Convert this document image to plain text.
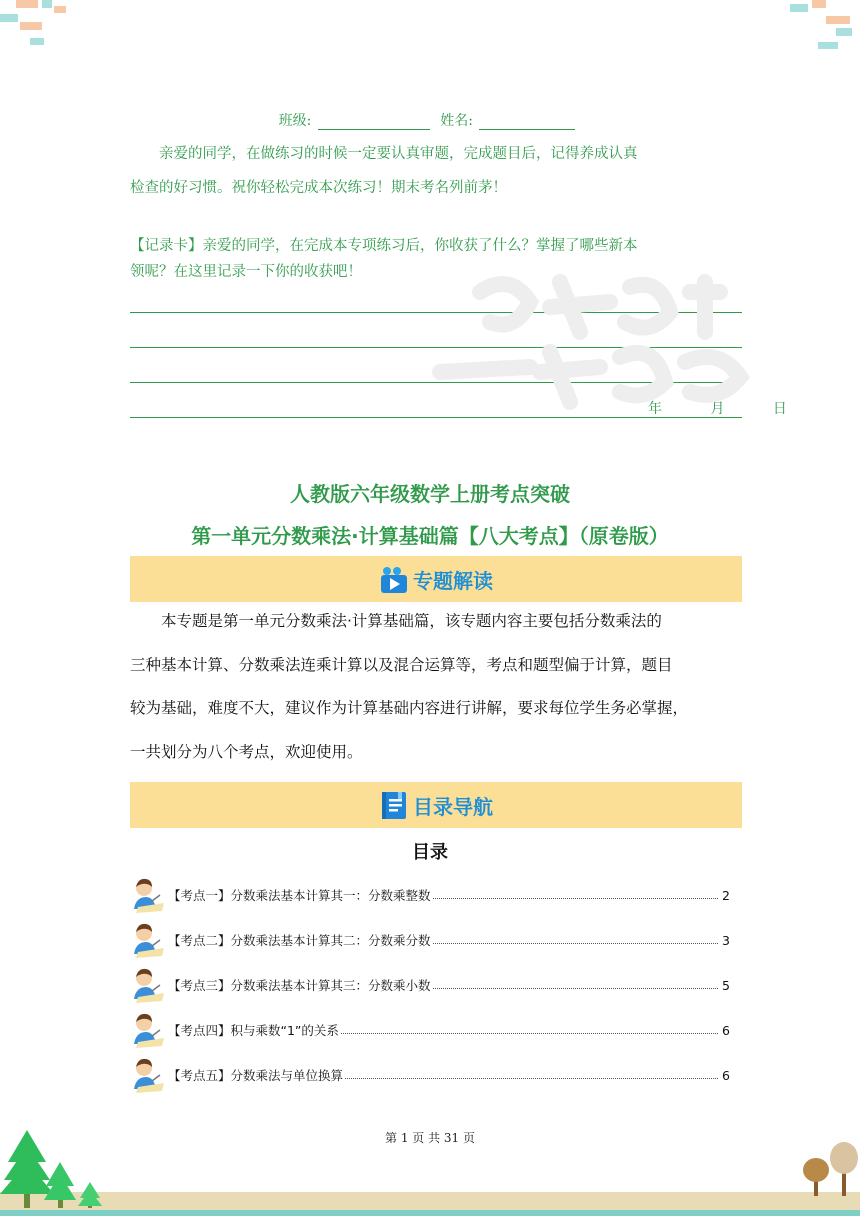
班级:	姓名:
亲爱的同学，在做练习的时候一定要认真审题，完成题目后，记得养成认真
检查的好习惯。祝你轻松完成本次练习！期末考名列前茅！
【记录卡】亲爱的同学，在完成本专项练习后，你收获了什么？掌握了哪些新本
领呢？在这里记录一下你的收获吧！
年 月 日
人教版六年级数学上册考点突破
第一单元分数乘法·计算基础篇【八大考点】（原卷版）
专题解读
本专题是第一单元分数乘法·计算基础篇，该专题内容主要包括分数乘法的
三种基本计算、分数乘法连乘计算以及混合运算等，考点和题型偏于计算，题目
较为基础，难度不大，建议作为计算基础内容进行讲解，要求每位学生务必掌握，
一共划分为八个考点，欢迎使用。
目录导航
目录
【考点一】分数乘法基本计算其一：分数乘整数	2
【考点二】分数乘法基本计算其二：分数乘分数	3
【考点三】分数乘法基本计算其三：分数乘小数	5
【考点四】积与乘数“1”的关系	6
【考点五】分数乘法与单位换算	6
第 1 页 共 31 页
